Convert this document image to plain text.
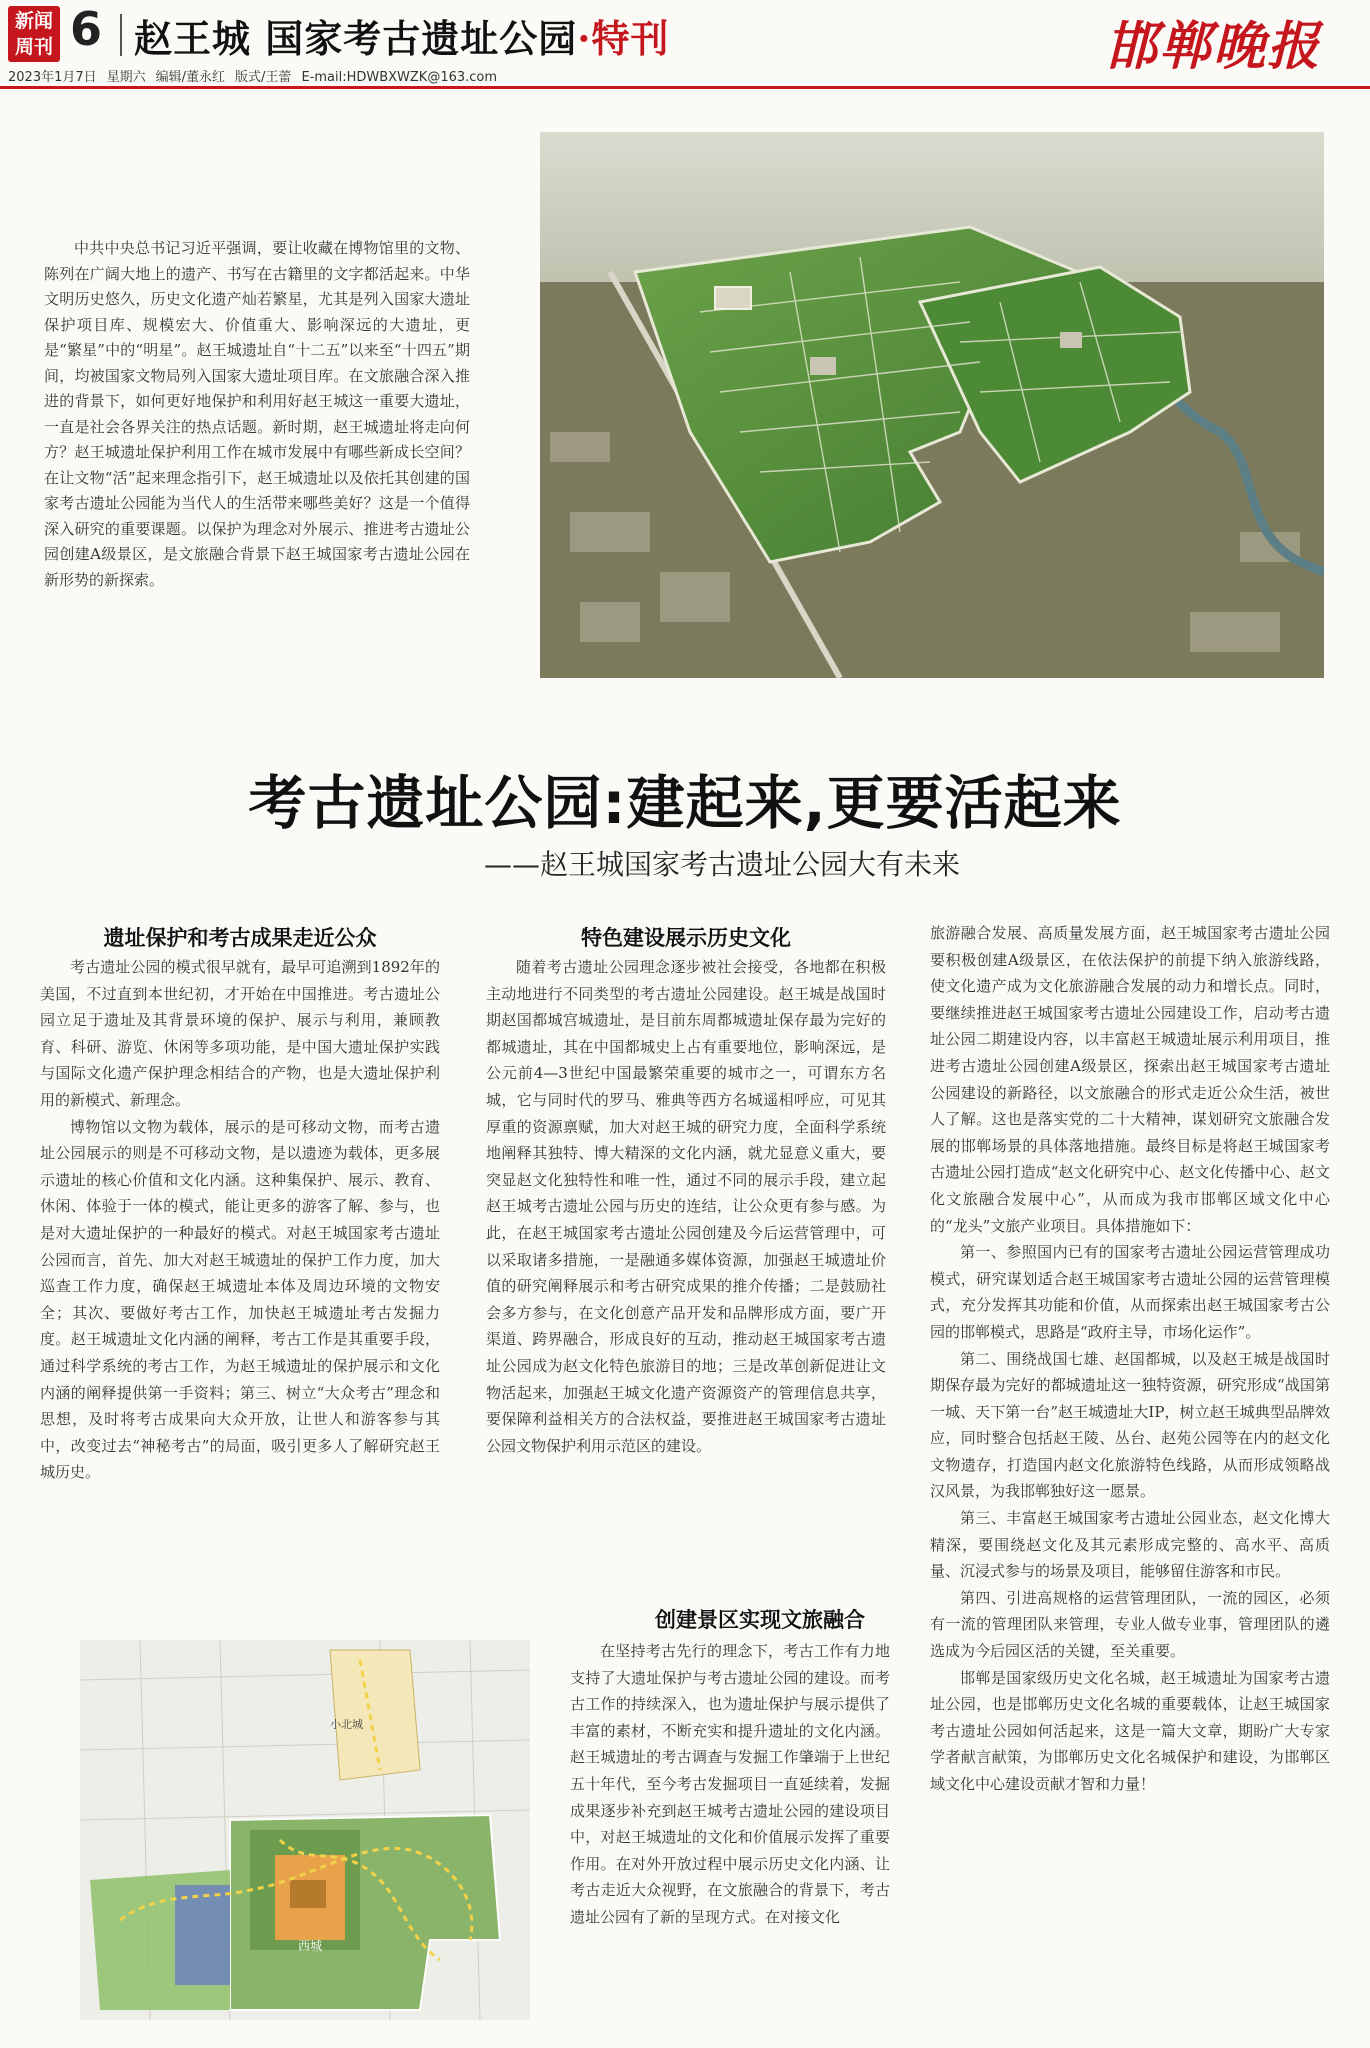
新闻
周刊 6 赵王城 国家考古遗址公园·特刊	邯郸晚报
2023年1月7日 星期六 编辑/董永红 版式/王蕾 E-mail:HDWBXWZK@163.com

中共中央总书记习近平强调，要让收藏在博物馆里的文物、陈列在广阔大地上的遗产、书写在古籍里的文字都活起来。中华文明历史悠久，历史文化遗产灿若繁星，尤其是列入国家大遗址保护项目库、规模宏大、价值重大、影响深远的大遗址，更是“繁星”中的“明星”。赵王城遗址自“十二五”以来至“十四五”期间，均被国家文物局列入国家大遗址项目库。在文旅融合深入推进的背景下，如何更好地保护和利用好赵王城这一重要大遗址，一直是社会各界关注的热点话题。新时期，赵王城遗址将走向何方？赵王城遗址保护利用工作在城市发展中有哪些新成长空间？在让文物“活”起来理念指引下，赵王城遗址以及依托其创建的国家考古遗址公园能为当代人的生活带来哪些美好？这是一个值得深入研究的重要课题。以保护为理念对外展示、推进考古遗址公园创建A级景区，是文旅融合背景下赵王城国家考古遗址公园在新形势的新探索。

考古遗址公园:建起来,更要活起来
——赵王城国家考古遗址公园大有未来
遗址保护和考古成果走近公众

考古遗址公园的模式很早就有，最早可追溯到1892年的美国，不过直到本世纪初，才开始在中国推进。考古遗址公园立足于遗址及其背景环境的保护、展示与利用，兼顾教育、科研、游览、休闲等多项功能，是中国大遗址保护实践与国际文化遗产保护理念相结合的产物，也是大遗址保护利用的新模式、新理念。

博物馆以文物为载体，展示的是可移动文物，而考古遗址公园展示的则是不可移动文物，是以遗迹为载体，更多展示遗址的核心价值和文化内涵。这种集保护、展示、教育、休闲、体验于一体的模式，能让更多的游客了解、参与，也是对大遗址保护的一种最好的模式。对赵王城国家考古遗址公园而言，首先、加大对赵王城遗址的保护工作力度，加大巡查工作力度，确保赵王城遗址本体及周边环境的文物安全；其次、要做好考古工作，加快赵王城遗址考古发掘力度。赵王城遗址文化内涵的阐释，考古工作是其重要手段，通过科学系统的考古工作，为赵王城遗址的保护展示和文化内涵的阐释提供第一手资料；第三、树立“大众考古”理念和思想，及时将考古成果向大众开放，让世人和游客参与其中，改变过去“神秘考古”的局面，吸引更多人了解研究赵王城历史。

特色建设展示历史文化

随着考古遗址公园理念逐步被社会接受，各地都在积极主动地进行不同类型的考古遗址公园建设。赵王城是战国时期赵国都城宫城遗址，是目前东周都城遗址保存最为完好的都城遗址，其在中国都城史上占有重要地位，影响深远，是公元前4—3世纪中国最繁荣重要的城市之一，可谓东方名城，它与同时代的罗马、雅典等西方名城遥相呼应，可见其厚重的资源禀赋，加大对赵王城的研究力度，全面科学系统地阐释其独特、博大精深的文化内涵，就尤显意义重大，要突显赵文化独特性和唯一性，通过不同的展示手段，建立起赵王城考古遗址公园与历史的连结，让公众更有参与感。为此，在赵王城国家考古遗址公园创建及今后运营管理中，可以采取诸多措施，一是融通多媒体资源，加强赵王城遗址价值的研究阐释展示和考古研究成果的推介传播；二是鼓励社会多方参与，在文化创意产品开发和品牌形成方面，要广开渠道、跨界融合，形成良好的互动，推动赵王城国家考古遗址公园成为赵文化特色旅游目的地；三是改革创新促进让文物活起来，加强赵王城文化遗产资源资产的管理信息共享，要保障利益相关方的合法权益，要推进赵王城国家考古遗址公园文物保护利用示范区的建设。

创建景区实现文旅融合

在坚持考古先行的理念下，考古工作有力地支持了大遗址保护与考古遗址公园的建设。而考古工作的持续深入，也为遗址保护与展示提供了丰富的素材，不断充实和提升遗址的文化内涵。赵王城遗址的考古调查与发掘工作肇端于上世纪五十年代，至今考古发掘项目一直延续着，发掘成果逐步补充到赵王城考古遗址公园的建设项目中，对赵王城遗址的文化和价值展示发挥了重要作用。在对外开放过程中展示历史文化内涵、让考古走近大众视野，在文旅融合的背景下，考古遗址公园有了新的呈现方式。在对接文化

旅游融合发展、高质量发展方面，赵王城国家考古遗址公园要积极创建A级景区，在依法保护的前提下纳入旅游线路，使文化遗产成为文化旅游融合发展的动力和增长点。同时，要继续推进赵王城国家考古遗址公园建设工作，启动考古遗址公园二期建设内容，以丰富赵王城遗址展示利用项目，推进考古遗址公园创建A级景区，探索出赵王城国家考古遗址公园建设的新路径，以文旅融合的形式走近公众生活，被世人了解。这也是落实党的二十大精神，谋划研究文旅融合发展的邯郸场景的具体落地措施。最终目标是将赵王城国家考古遗址公园打造成“赵文化研究中心、赵文化传播中心、赵文化文旅融合发展中心”，从而成为我市邯郸区域文化中心的“龙头”文旅产业项目。具体措施如下：

第一、参照国内已有的国家考古遗址公园运营管理成功模式，研究谋划适合赵王城国家考古遗址公园的运营管理模式，充分发挥其功能和价值，从而探索出赵王城国家考古公园的邯郸模式，思路是“政府主导，市场化运作”。

第二、围绕战国七雄、赵国都城，以及赵王城是战国时期保存最为完好的都城遗址这一独特资源，研究形成“战国第一城、天下第一台”赵王城遗址大IP，树立赵王城典型品牌效应，同时整合包括赵王陵、丛台、赵苑公园等在内的赵文化文物遗存，打造国内赵文化旅游特色线路，从而形成领略战汉风景，为我邯郸独好这一愿景。

第三、丰富赵王城国家考古遗址公园业态，赵文化博大精深，要围绕赵文化及其元素形成完整的、高水平、高质量、沉浸式参与的场景及项目，能够留住游客和市民。

第四、引进高规格的运营管理团队，一流的园区，必须有一流的管理团队来管理，专业人做专业事，管理团队的遴选成为今后园区活的关键，至关重要。

邯郸是国家级历史文化名城，赵王城遗址为国家考古遗址公园，也是邯郸历史文化名城的重要载体，让赵王城国家考古遗址公园如何活起来，这是一篇大文章，期盼广大专家学者献言献策，为邯郸历史文化名城保护和建设，为邯郸区域文化中心建设贡献才智和力量！

小北城
西城
